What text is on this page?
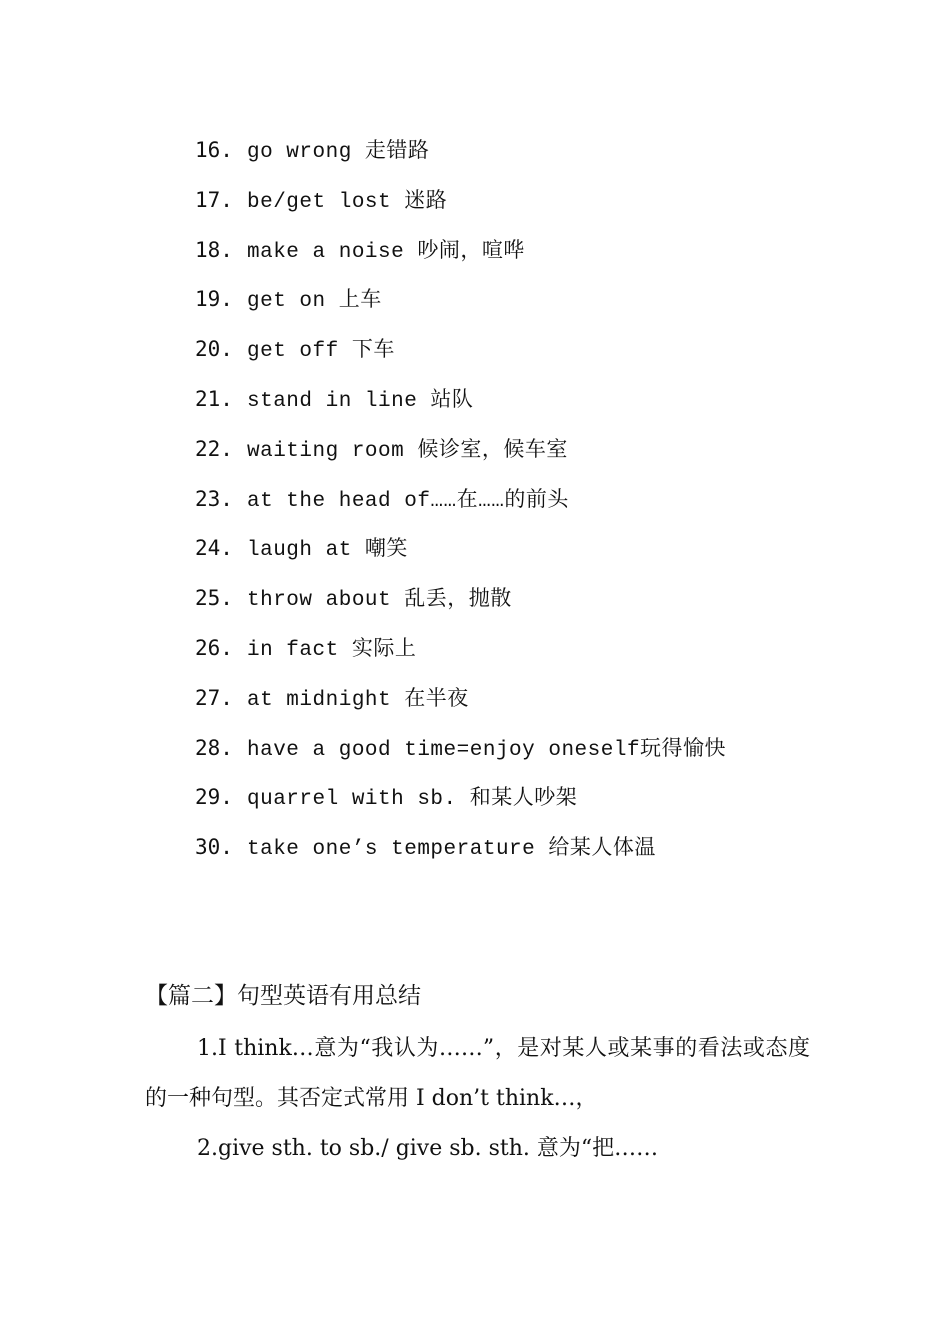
16. go wrong 走错路
17. be/get lost 迷路
18. make a noise 吵闹，喧哗
19. get on 上车
20. get off 下车
21. stand in line 站队
22. waiting room 候诊室，候车室
23. at the head of……在……的前头
24. laugh at 嘲笑
25. throw about 乱丢，抛散
26. in fact 实际上
27. at midnight 在半夜
28. have a good time=enjoy oneself玩得愉快
29. quarrel with sb. 和某人吵架
30. take one’s temperature 给某人体温
【篇二】句型英语有用总结
1.I think…意为“我认为……”，是对某人或某事的看法或态度的一种句型。其否定式常用 I don’t think…，
2.give sth. to sb./ give sb. sth. 意为“把……
